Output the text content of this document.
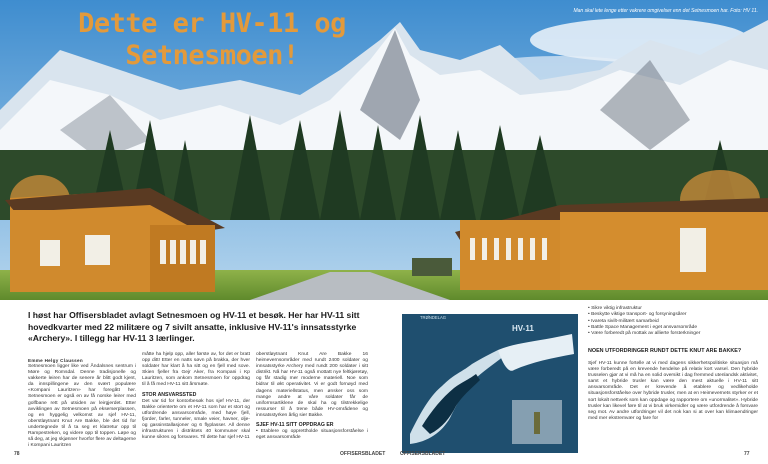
Dette er HV-11 og Setnesmoen!
Man skal lete lenge etter vakrere omgivelser enn det Setnesmoen har. Foto: HV 11.
I høst har Offisersbladet avlagt Setnesmoen og HV-11 et besøk. Her har HV-11 sitt hovedkvarter med 22 militære og 7 sivilt ansatte, inklusive HV-11's innsatsstyrke «Archery». I tillegg har HV-11 3 lærlinger.
Emme Helgy Claussen

Setnesmoen ligger like ved Åndalsnes sentrum i Møre og Romsdal. Denne tradisjonelle og vakkerte leiren har de senere år blitt godt kjent, da innspillingene av den svært populære «Kompani Lauritzen» har foregått her. Setnesmoen er også en av få norske leirer med golfbane rett på utsiden av leirgjerdet. Etter avviklingen av Setnesmoen på ekserserplassen, og en hyggelig velkomst av sjef HV-11, oberstløytnant Knut Are Bakke, ble det tid for undertegnede til å ta seg et klatretur opp til Rampestreken, og videre opp til toppen. Løpe og så deg, at jeg skjønner hvorfor flere av deltagerne i Kompani Lauritzen

måtte ha hjelp opp, aller første av, for det er bratt opp ditt! Etter en natts søvn på brakka, der hver soldater har klart å ha sitt og en fjell med sove. Skien fjeller fra Gejr Aker, fra Kompani i Kp Lauritzen, som ankom Setnesmoen for oppdrag til å få med HV-11 sitt årsmøte.

STOR ANSVARSSTED

Det var tid for kontorbesøk hos sjef HV-11, der Bakke orienterte om et HV-11 som har et stort og utfordrende ansvarsområde, med høye fjell, fjorder, farler, tunneler, smale veier, havner, olje- og gassinstallasjoner og 6 flyplasser. All denne infrastrukturen i distriktets 40 kommuner skal kunne sikres og forsvares. Til dette har sjef HV-11

oberstløytnant Knut Are Bakke 16 heimevernsområder med rundt 2400 soldater og innsatsstyrke Archery med rundt 200 soldater i sitt distrikt. Nå har HV-11 også mottatt nye feltkjøretøy, og får stadig mer moderne materiell. Noe som bidrar til økt operativitet. Vi er godt fornøyd med dagens materiellstatus, men ønsker oss som mange andre at våre soldater får de uniformsartiklene de skal ha og tilstrekkelige ressurser til å trene både HV-områdene og innsatsstyrken årlig sier Bakke.

SJEF HV-11 SITT OPPDRAG ER

• Etablere og opprettholde situasjonsforståelse i eget ansvarsområde

TRØNDELAG
HV-11
• Sikre viktig infrastruktur
• Beskytte viktige transport- og forsyningsårer
• Ivareta sivilt-militært samarbeid
• Battle Space Management i eget ansvarsområde
• Være forberedt på mottak av allierte forsterkninger
NOEN UTFORDRINGER RUNDT DETTE KNUT ARE BAKKE?
Sjef HV-11 kunne fortelle at vi med dagens sikkerhetspolitiske situasjon må være forberedt på en krevende hendelse på relativ kort varsel. Den hybride trusselen gjør at vi må ha en solid oversikt i dag fremmed utenlandsk aktivitet, samt et hybride trusler kan være den mest aktuelle i HV-11 sitt ansvarsområde. Det er krevende å etablere og vedlikeholde situasjonsforståelse over hybride trusler, men at en Heimevernets styrker er et sort lokalt nettverk som kan oppdage og rapportere om «unormalitet». Hybride trusler kan likevel føre til at vi bruk virkemidler og være utfordrende å forsvare seg mot. Av andre utfordringer vil det nok kan si at over kan klimaendringer med mer ekstremvær og fare for
78	OFFISERSBLADET	OFFISERSBLADET	77
